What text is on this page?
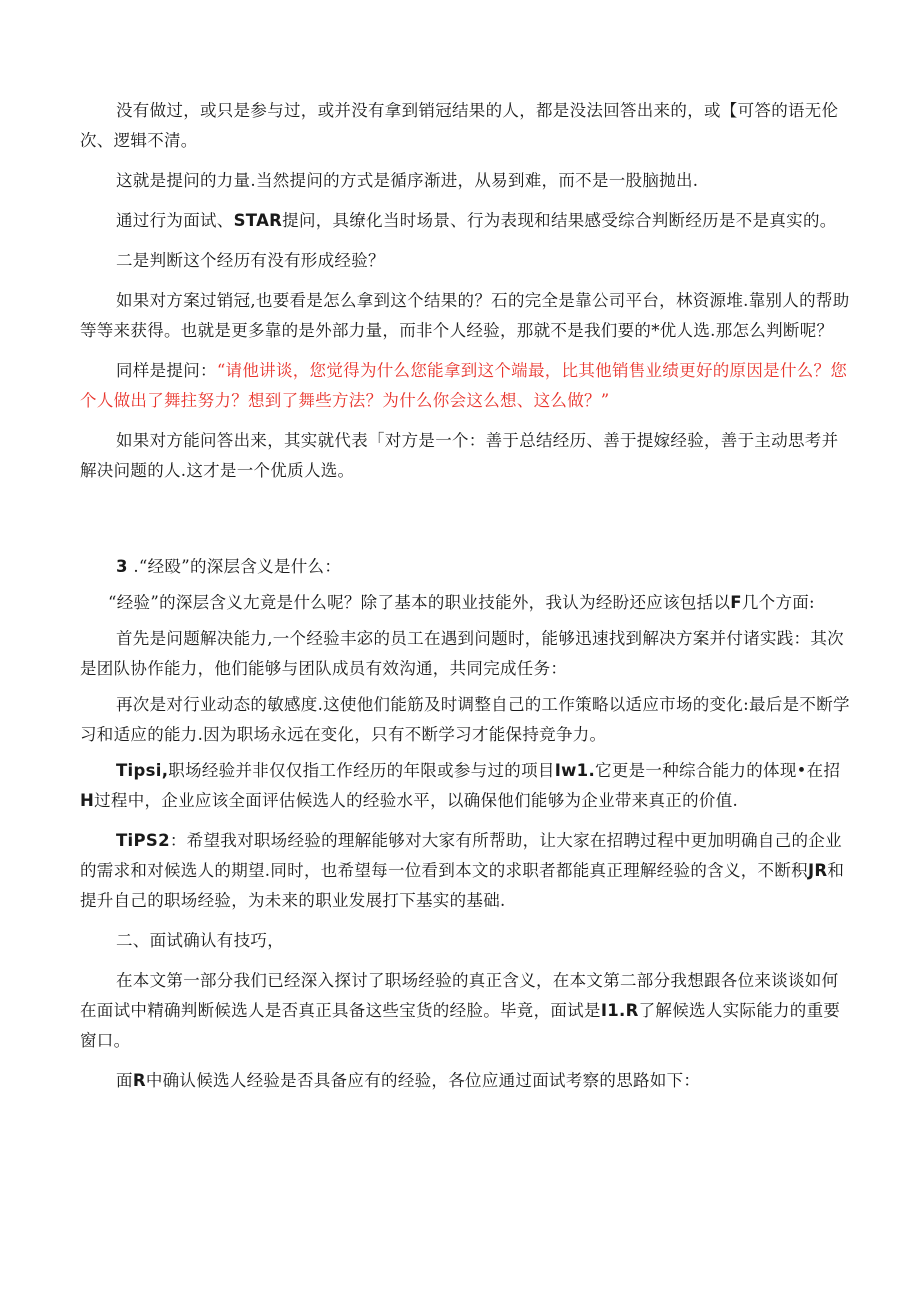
没有做过，或只是参与过，或并没有拿到销冠结果的人，都是没法回答出来的，或【可答的语无伦次、逻辑不清。

这就是提问的力量.当然提问的方式是循序渐进，从易到难，而不是一股脑抛出.

通过行为面试、STAR提问，具缭化当时场景、行为表现和结果感受综合判断经历是不是真实的。

二是判断这个经历有没有形成经验？

如果对方案过销冠,也要看是怎么拿到这个结果的？石的完全是靠公司平台，林资源堆.靠别人的帮助等等来获得。也就是更多靠的是外部力量，而非个人经验，那就不是我们要的*优人选.那怎么判断呢？

同样是提问：“请他讲谈，您觉得为什么您能拿到这个端最，比其他销售业绩更好的原因是什么？您个人做出了舞拄努力？想到了舞些方法？为什么你会这么想、这么做？”

如果对方能问答出来，其实就代表「对方是一个：善于总结经历、善于提嫁经验，善于主动思考并解决问题的人.这才是一个优质人选。

3 .“经殴”的深层含义是什么：

“经验”的深层含义尢竟是什么呢？除了基本的职业技能外，我认为经盼还应该包括以F几个方面:

首先是问题解决能力,一个经验丰宓的员工在遇到问题时，能够迅速找到解决方案并付诸实践：其次是团队协作能力，他们能够与团队成员有效沟通，共同完成任务：

再次是对行业动态的敏感度.这使他们能筋及时调整自己的工作策略以适应市场的变化:最后是不断学习和适应的能力.因为职场永远在变化，只有不断学习才能保持竞争力。

Tipsi,职场经验并非仅仅指工作经历的年限或参与过的项目Iw1.它更是一种综合能力的体现•在招H过程中，企业应该全面评估候选人的经验水平，以确保他们能够为企业带来真正的价值.

TiPS2：希望我对职场经验的理解能够对大家有所帮助，让大家在招聘过程中更加明确自己的企业的需求和对候选人的期望.同时，也希望每一位看到本文的求职者都能真正理解经验的含义，不断积JR和提升自己的职场经验，为未来的职业发展打下基实的基础.

二、面试确认有技巧，

在本文第一部分我们已经深入探讨了职场经验的真正含义，在本文第二部分我想跟各位来谈谈如何在面试中精确判断候选人是否真正具备这些宝货的经脸。毕竟，面试是I1.R了解候选人实际能力的重要窗口。

面R中确认候选人经验是否具备应有的经验，各位应通过面试考察的思路如下：
